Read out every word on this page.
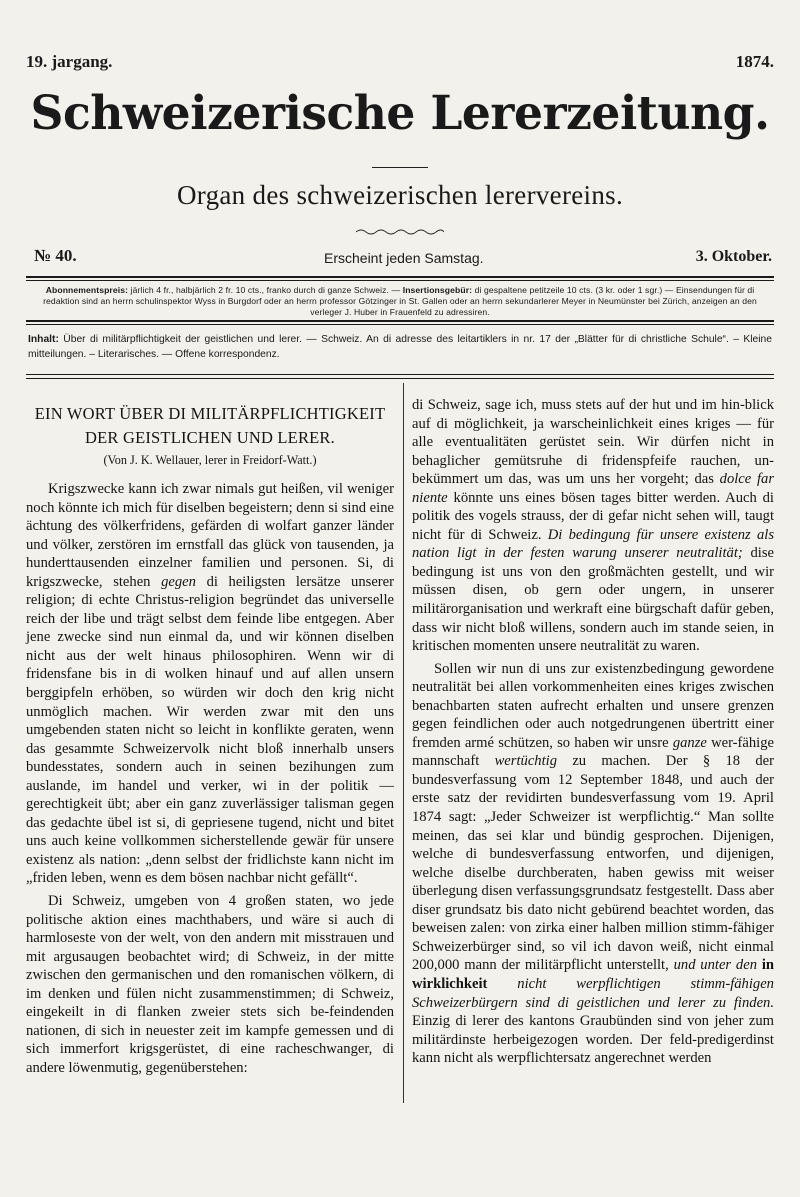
19. jargang.	1874.
Schweizerische Lererzeitung.
Organ des schweizerischen lerervereins.
№ 40.	Erscheint jeden Samstag.	3. Oktober.
Abonnementspreis: järlich 4 fr., halbjärlich 2 fr. 10 cts., franko durch di ganze Schweiz. — Insertionsgebür: di gespaltene petitzeile 10 cts. (3 kr. oder 1 sgr.) — Einsendungen für di redaktion sind an herrn schulinspektor Wyss in Burgdorf oder an herrn professor Götzinger in St. Gallen oder an herrn sekundarlerer Meyer in Neumünster bei Zürich, anzeigen an den verleger J. Huber in Frauenfeld zu adressiren.
Inhalt: Über di militärpflichtigkeit der geistlichen und lerer. — Schweiz. An di adresse des leitartiklers in nr. 17 der „Blätter für di christliche Schule“. – Kleine mitteilungen. – Literarisches. — Offene korrespondenz.
EIN WORT ÜBER DI MILITÄRPFLICHTIGKEIT
DER GEISTLICHEN UND LERER.
(Von J. K. Wellauer, lerer in Freidorf-Watt.)

Krigszwecke kann ich zwar nimals gut heißen, vil weniger noch könnte ich mich für diselben begeistern; denn si sind eine ächtung des völkerfridens, gefärden di wolfart ganzer länder und völker, zerstören im ernstfall das glück von tausenden, ja hunderttausenden einzelner familien und personen. Si, di krigszwecke, stehen gegen di heiligsten lersätze unserer religion; di echte Christus-religion begründet das universelle reich der libe und trägt selbst dem feinde libe entgegen. Aber jene zwecke sind nun einmal da, und wir können diselben nicht aus der welt hinaus philosophiren. Wenn wir di fridensfane bis in di wolken hinauf und auf allen unsern berggipfeln erhöben, so würden wir doch den krig nicht unmöglich machen. Wir werden zwar mit den uns umgebenden staten nicht so leicht in konflikte geraten, wenn das gesammte Schweizervolk nicht bloß innerhalb unsers bundesstates, sondern auch in seinen bezihungen zum auslande, im handel und verker, wi in der politik — gerechtigkeit übt; aber ein ganz zuverlässiger talisman gegen das gedachte übel ist si, di gepriesene tugend, nicht und bitet uns auch keine vollkommen sicherstellende gewär für unsere existenz als nation: „denn selbst der fridlichste kann nicht im „friden leben, wenn es dem bösen nachbar nicht gefällt“.

Di Schweiz, umgeben von 4 großen staten, wo jede politische aktion eines machthabers, und wäre si auch di harmloseste von der welt, von den andern mit misstrauen und mit argusaugen beobachtet wird; di Schweiz, in der mitte zwischen den germanischen und den romanischen völkern, di im denken und fülen nicht zusammenstimmen; di Schweiz, eingekeilt in di flanken zweier stets sich be-feindenden nationen, di sich in neuester zeit im kampfe gemessen und di sich immerfort krigsgerüstet, di eine racheschwanger, di andere löwenmutig, gegenüberstehen:

di Schweiz, sage ich, muss stets auf der hut und im hin-blick auf di möglichkeit, ja warscheinlichkeit eines kriges — für alle eventualitäten gerüstet sein. Wir dürfen nicht in behaglicher gemütsruhe di fridenspfeife rauchen, un-bekümmert um das, was um uns her vorgeht; das dolce far niente könnte uns eines bösen tages bitter werden. Auch di politik des vogels strauss, der di gefar nicht sehen will, taugt nicht für di Schweiz. Di bedingung für unsere existenz als nation ligt in der festen warung unserer neutralität; dise bedingung ist uns von den großmächten gestellt, und wir müssen disen, ob gern oder ungern, in unserer militärorganisation und werkraft eine bürgschaft dafür geben, dass wir nicht bloß willens, sondern auch im stande seien, in kritischen momenten unsere neutralität zu waren.

Sollen wir nun di uns zur existenzbedingung gewordene neutralität bei allen vorkommenheiten eines kriges zwischen benachbarten staten aufrecht erhalten und unsere grenzen gegen feindlichen oder auch notgedrungenen übertritt einer fremden armé schützen, so haben wir unsre ganze wer-fähige mannschaft wertüchtig zu machen. Der § 18 der bundesverfassung vom 12 September 1848, und auch der erste satz der revidirten bundesverfassung vom 19. April 1874 sagt: „Jeder Schweizer ist werpflichtig.“ Man sollte meinen, das sei klar und bündig gesprochen. Dijenigen, welche di bundesverfassung entworfen, und dijenigen, welche diselbe durchberaten, haben gewiss mit weiser überlegung disen verfassungsgrundsatz festgestellt. Dass aber diser grundsatz bis dato nicht gebürend beachtet worden, das beweisen zalen: von zirka einer halben million stimm-fähiger Schweizerbürger sind, so vil ich davon weiß, nicht einmal 200,000 mann der militärpflicht unterstellt, und unter den in wirklichkeit nicht werpflichtigen stimm-fähigen Schweizerbürgern sind di geistlichen und lerer zu finden. Einzig di lerer des kantons Graubünden sind von jeher zum militärdinste herbeigezogen worden. Der feld-predigerdinst kann nicht als werpflichtersatz angerechnet werden
